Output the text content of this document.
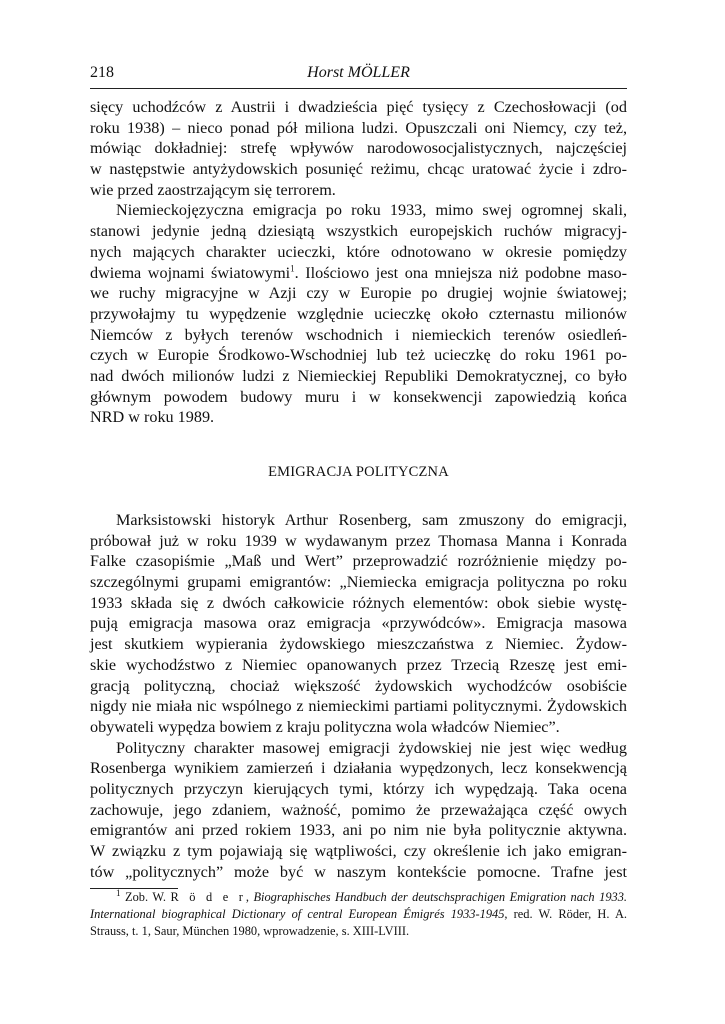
218	Horst MÖLLER
sięcy uchodźców z Austrii i dwadzieścia pięć tysięcy z Czechosłowacji (od
roku 1938) – nieco ponad pół miliona ludzi. Opuszczali oni Niemcy, czy też,
mówiąc dokładniej: strefę wpływów narodowosocjalistycznych, najczęściej
w następstwie antyżydowskich posunięć reżimu, chcąc uratować życie i zdro-
wie przed zaostrzającym się terrorem.
Niemieckojęzyczna emigracja po roku 1933, mimo swej ogromnej skali,
stanowi jedynie jedną dziesiątą wszystkich europejskich ruchów migracyj-
nych mających charakter ucieczki, które odnotowano w okresie pomiędzy
dwiema wojnami światowymi$^1$. Ilościowo jest ona mniejsza niż podobne maso-
we ruchy migracyjne w Azji czy w Europie po drugiej wojnie światowej;
przywołajmy tu wypędzenie względnie ucieczkę około czternastu milionów
Niemców z byłych terenów wschodnich i niemieckich terenów osiedleń-
czych w Europie Środkowo-Wschodniej lub też ucieczkę do roku 1961 po-
nad dwóch milionów ludzi z Niemieckiej Republiki Demokratycznej, co było
głównym powodem budowy muru i w konsekwencji zapowiedzią końca
NRD w roku 1989.
EMIGRACJA POLITYCZNA
Marksistowski historyk Arthur Rosenberg, sam zmuszony do emigracji,
próbował już w roku 1939 w wydawanym przez Thomasa Manna i Konrada
Falke czasopiśmie „Maß und Wert” przeprowadzić rozróżnienie między po-
szczególnymi grupami emigrantów: „Niemiecka emigracja polityczna po roku
1933 składa się z dwóch całkowicie różnych elementów: obok siebie wystę-
pują emigracja masowa oraz emigracja «przywódców». Emigracja masowa
jest skutkiem wypierania żydowskiego mieszczaństwa z Niemiec. Żydow-
skie wychodźstwo z Niemiec opanowanych przez Trzecią Rzeszę jest emi-
gracją polityczną, chociaż większość żydowskich wychodźców osobiście
nigdy nie miała nic wspólnego z niemieckimi partiami politycznymi. Żydowskich
obywateli wypędza bowiem z kraju polityczna wola władców Niemiec”.
Polityczny charakter masowej emigracji żydowskiej nie jest więc według
Rosenberga wynikiem zamierzeń i działania wypędzonych, lecz konsekwencją
politycznych przyczyn kierujących tymi, którzy ich wypędzają. Taka ocena
zachowuje, jego zdaniem, ważność, pomimo że przeważająca część owych
emigrantów ani przed rokiem 1933, ani po nim nie była politycznie aktywna.
W związku z tym pojawiają się wątpliwości, czy określenie ich jako emigran-
tów „politycznych” może być w naszym kontekście pomocne. Trafne jest
$^1$ Zob. W. R ö d e r, Biographisches Handbuch der deutschsprachigen Emigration nach 1933.
International biographical Dictionary of central European Émigrés 1933-1945, red. W. Röder, H. A.
Strauss, t. 1, Saur, München 1980, wprowadzenie, s. XIII-LVIII.
